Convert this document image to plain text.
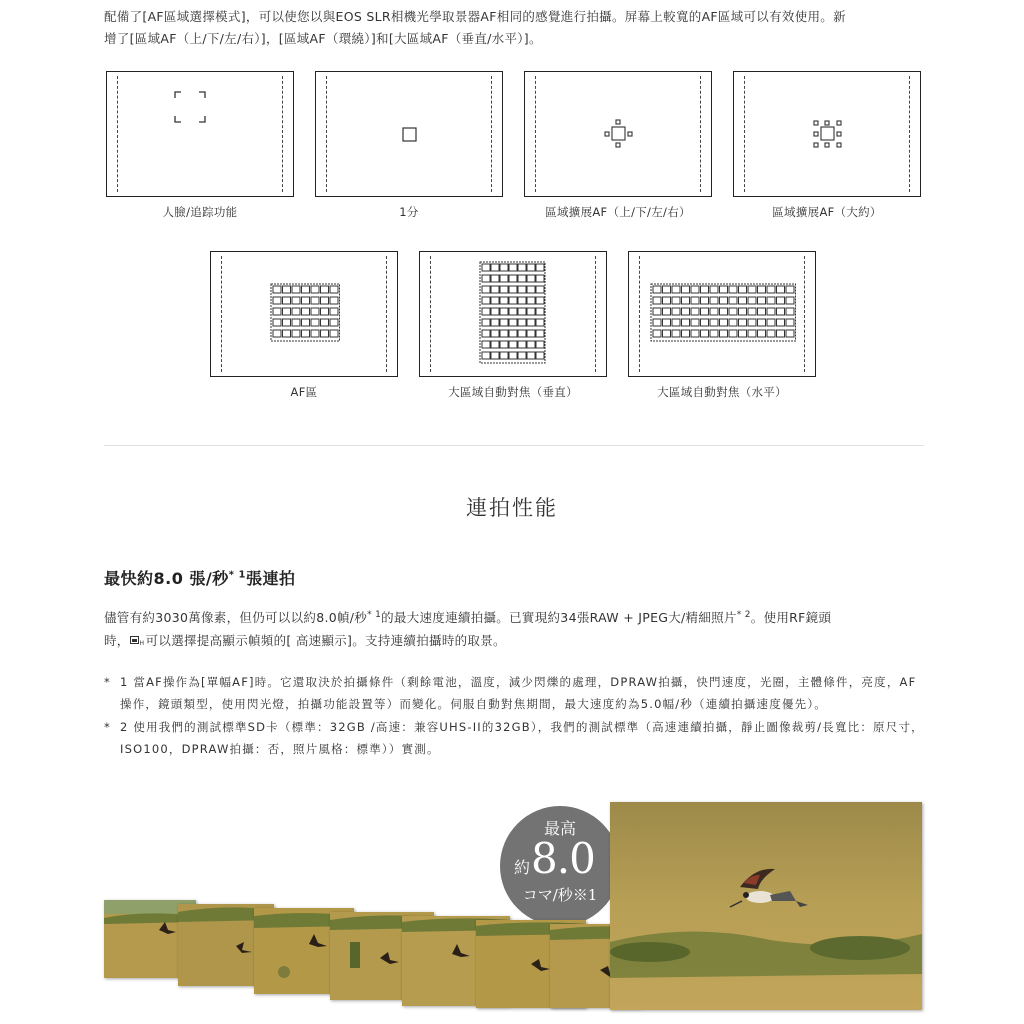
配備了[AF區域選擇模式]，可以使您以與EOS SLR相機光學取景器AF相同的感覺進行拍攝。屏幕上較寬的AF區域可以有效使用。新
增了[區域AF（上/下/左/右）]，[區域AF（環繞）]和[大區域AF（垂直/水平）]。
人臉/追踪功能	1分	區域擴展AF（上/下/左/右）	區域擴展AF（大約）
AF區	大區域自動對焦（垂直）	大區域自動對焦（水平）
連拍性能
最快約8.0 張/秒$^{* 1}$張連拍
儘管有約3030萬像素，但仍可以以約8.0幀/秒$^{* 1}$的最大速度連續拍攝。已實現約34張RAW + JPEG大/精細照片$^{* 2}$。使用RF鏡頭
時， H 可以選擇提高顯示幀頻的[ 高速顯示]。支持連續拍攝時的取景。
* 1 當AF操作為[單幅AF]時。它還取決於拍攝條件（剩餘電池，溫度，減少閃爍的處理，DPRAW拍攝，快門速度，光圈，主體條件，亮度，AF操作，鏡頭類型，使用閃光燈，拍攝功能設置等）而變化。伺服自動對焦期間，最大速度約為5.0幅/秒（連續拍攝速度優先）。
* 2 使用我們的測試標準SD卡（標準：32GB /高速：兼容UHS-II的32GB），我們的測試標準（高速連續拍攝，靜止圖像裁剪/長寬比：原尺寸，ISO100，DPRAW拍攝：否，照片風格：標準））實測。
最高
約8.0
コマ/秒※1
